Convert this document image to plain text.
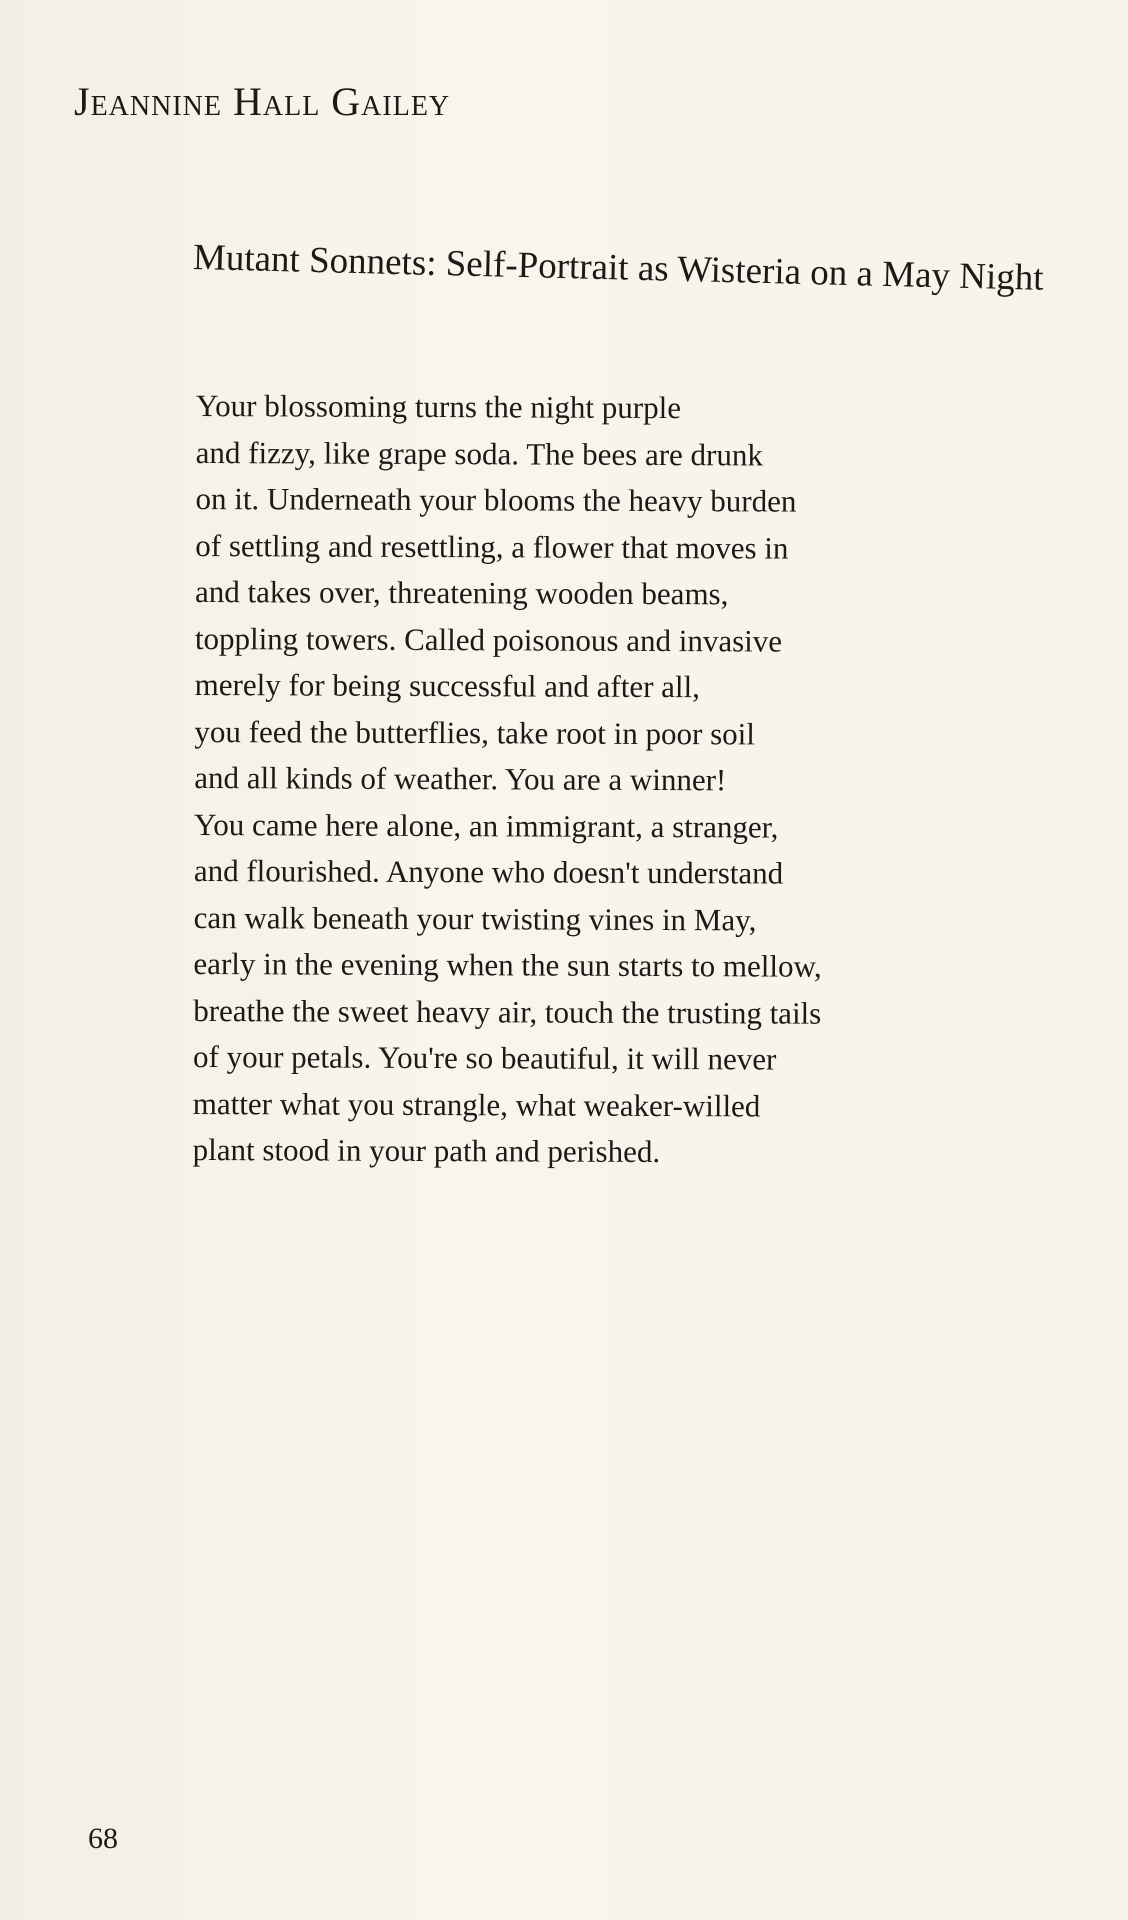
Jeannine Hall Gailey
Mutant Sonnets: Self-Portrait as Wisteria on a May Night
Your blossoming turns the night purple
and fizzy, like grape soda. The bees are drunk
on it. Underneath your blooms the heavy burden
of settling and resettling, a flower that moves in
and takes over, threatening wooden beams,
toppling towers. Called poisonous and invasive
merely for being successful and after all,
you feed the butterflies, take root in poor soil
and all kinds of weather. You are a winner!
You came here alone, an immigrant, a stranger,
and flourished. Anyone who doesn't understand
can walk beneath your twisting vines in May,
early in the evening when the sun starts to mellow,
breathe the sweet heavy air, touch the trusting tails
of your petals. You're so beautiful, it will never
matter what you strangle, what weaker-willed
plant stood in your path and perished.
68
